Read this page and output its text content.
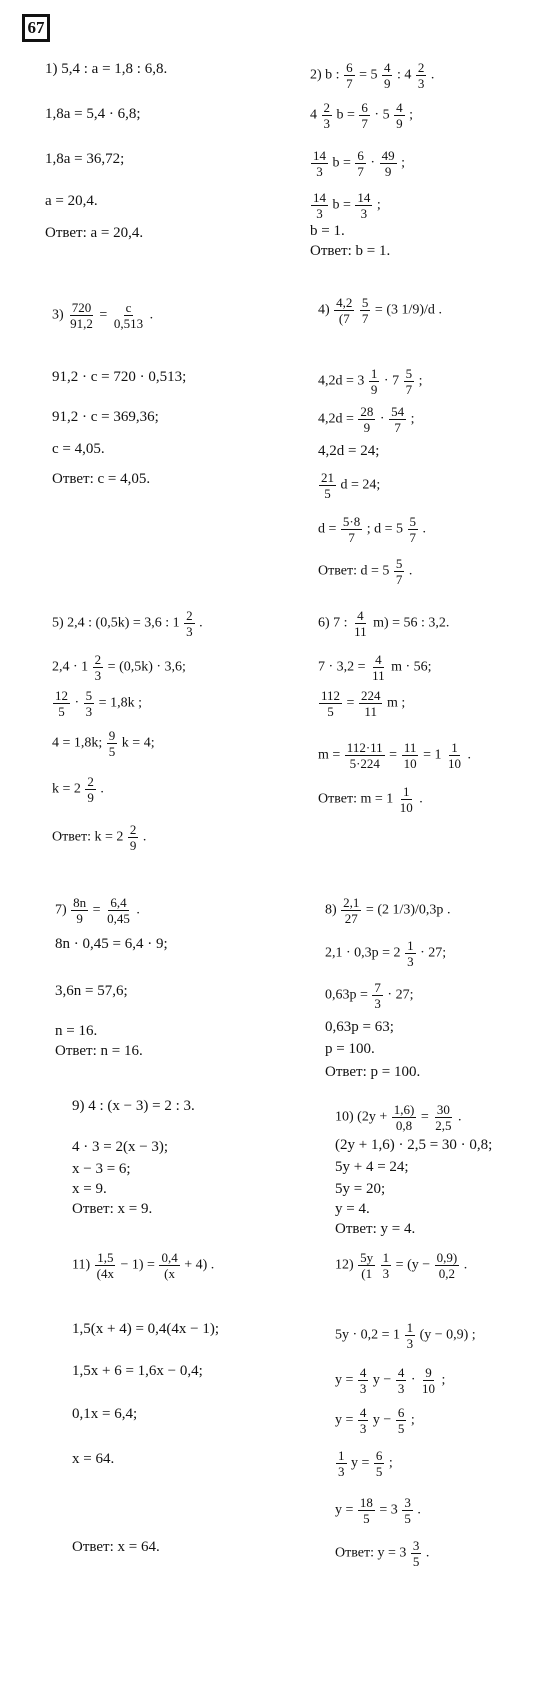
67
1) 5,4 : a = 1,8 : 6,8.
1,8a = 5,4 · 6,8;
1,8a = 36,72;
a = 20,4.
Ответ: a = 20,4.
2) b : $\frac{6}{7} = 5 \frac{4}{9}$ : $4 \frac{2}{3}$ .
$4 \frac{2}{3}$ $b = \frac{6}{7} \cdot 5 \frac{4}{9}$ ;
$\frac{14}{3}$ $b = \frac{6}{7} \cdot \frac{49}{9}$ ;
$\frac{14}{3}$ $b = \frac{14}{3}$ ;
b = 1.
Ответ: b = 1.
$3) \frac{720}{91,2} = \frac{c}{0,513}$ .
91,2 · c = 720 · 0,513;
91,2 · c = 369,36;
c = 4,05.
Ответ: c = 4,05.
$4) \frac{4,2}{(7}$
$\frac{5}{7} = (3$ 1/9)/d .
$4,2d = 3 \frac{1}{9} \cdot 7 \frac{5}{7}$ ;
$4,2d = \frac{28}{9} \cdot \frac{54}{7}$ ;
4,2d = 24;
$\frac{21}{5}$ d = 24;
$d = \frac{5\cdot 8}{7}$ ; $d = 5 \frac{5}{7}$ .
Ответ: $d = 5 \frac{5}{7}$ .
5) 2,4 : (0,5k) = 3,6 : $1 \frac{2}{3}$ .
$2,4 \cdot 1 \frac{2}{3} = (0,5k) \cdot 3,6$;
$\frac{12}{5} \cdot \frac{5}{3} = 1,8k$ ;
4 = 1,8k; $\frac{9}{5}$ k = 4;
$k = 2 \frac{2}{9}$ .
Ответ: $k = 2 \frac{2}{9}$ .
6) 7 : $\frac{4}{11} m) = 56$ : 3,2.
$7 \cdot 3,2 = \frac{4}{11}$ m · 56;
$\frac{112}{5} = \frac{224}{11}$ m ;
$m = \frac{112\cdot 11}{5\cdot 224} = \frac{11}{10} = 1 \frac{1}{10}$ .
Ответ: $m = 1 \frac{1}{10}$ .
$7) \frac{8n}{9} = \frac{6,4}{0,45}$ .
8n · 0,45 = 6,4 · 9;
3,6n = 57,6;
n = 16.
Ответ: n = 16.
$8) \frac{2,1}{27} = (2$ 1/3)/0,3p .
$2,1 \cdot 0,3p = 2 \frac{1}{3} \cdot 27$;
$0,63p = \frac{7}{3} \cdot 27$;
0,63p = 63;
p = 100.
Ответ: p = 100.
9) 4 : (x − 3) = 2 : 3.
4 · 3 = 2(x − 3);
x − 3 = 6;
x = 9.
Ответ: x = 9.
10) ($2y + \frac{1,6)}{0,8} = \frac{30}{2,5}$ .
(2y + 1,6) · 2,5 = 30 · 0,8;
5y + 4 = 24;
5y = 20;
y = 4.
Ответ: y = 4.
$11) \frac{1,5}{(4x} - 1) = \frac{0,4}{(x} + 4$) .
1,5(x + 4) = 0,4(4x − 1);
1,5x + 6 = 1,6x − 0,4;
0,1x = 6,4;
x = 64.
Ответ: x = 64.
$12) \frac{5y}{(1}$
$\frac{1}{3} = (y - \frac{0,9)}{0,2}$ .
$5y \cdot 0,2 = 1 \frac{1}{3} (y - 0,9)$ ;
$y = \frac{4}{3}$ $y - \frac{4}{3} \cdot \frac{9}{10}$ ;
$y = \frac{4}{3}$ $y - \frac{6}{5}$ ;
$\frac{1}{3}$ $y = \frac{6}{5}$ ;
$y = \frac{18}{5} = 3 \frac{3}{5}$ .
Ответ: $y = 3 \frac{3}{5}$ .
